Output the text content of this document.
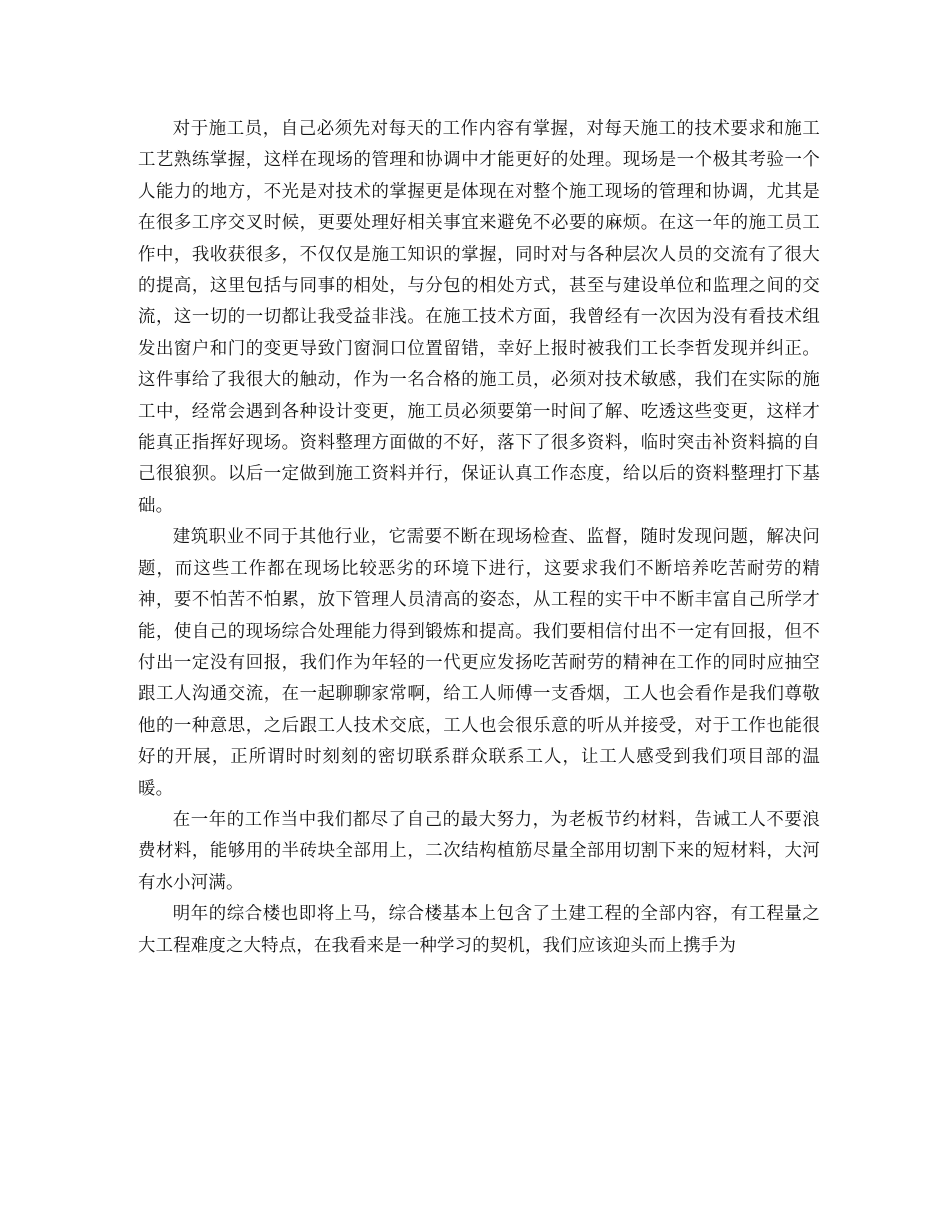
对于施工员，自己必须先对每天的工作内容有掌握，对每天施工的技术要求和施工工艺熟练掌握，这样在现场的管理和协调中才能更好的处理。现场是一个极其考验一个人能力的地方，不光是对技术的掌握更是体现在对整个施工现场的管理和协调，尤其是在很多工序交叉时候，更要处理好相关事宜来避免不必要的麻烦。在这一年的施工员工作中，我收获很多，不仅仅是施工知识的掌握，同时对与各种层次人员的交流有了很大的提高，这里包括与同事的相处，与分包的相处方式，甚至与建设单位和监理之间的交流，这一切的一切都让我受益非浅。在施工技术方面，我曾经有一次因为没有看技术组发出窗户和门的变更导致门窗洞口位置留错，幸好上报时被我们工长李哲发现并纠正。这件事给了我很大的触动，作为一名合格的施工员，必须对技术敏感，我们在实际的施工中，经常会遇到各种设计变更，施工员必须要第一时间了解、吃透这些变更，这样才能真正指挥好现场。资料整理方面做的不好，落下了很多资料，临时突击补资料搞的自己很狼狈。以后一定做到施工资料并行，保证认真工作态度，给以后的资料整理打下基础。

建筑职业不同于其他行业，它需要不断在现场检查、监督，随时发现问题，解决问题，而这些工作都在现场比较恶劣的环境下进行，这要求我们不断培养吃苦耐劳的精神，要不怕苦不怕累，放下管理人员清高的姿态，从工程的实干中不断丰富自己所学才能，使自己的现场综合处理能力得到锻炼和提高。我们要相信付出不一定有回报，但不付出一定没有回报，我们作为年轻的一代更应发扬吃苦耐劳的精神在工作的同时应抽空跟工人沟通交流，在一起聊聊家常啊，给工人师傅一支香烟，工人也会看作是我们尊敬他的一种意思，之后跟工人技术交底，工人也会很乐意的听从并接受，对于工作也能很好的开展，正所谓时时刻刻的密切联系群众联系工人，让工人感受到我们项目部的温暖。

在一年的工作当中我们都尽了自己的最大努力，为老板节约材料，告诫工人不要浪费材料，能够用的半砖块全部用上，二次结构植筋尽量全部用切割下来的短材料，大河有水小河满。

明年的综合楼也即将上马，综合楼基本上包含了土建工程的全部内容，有工程量之大工程难度之大特点，在我看来是一种学习的契机，我们应该迎头而上携手为
